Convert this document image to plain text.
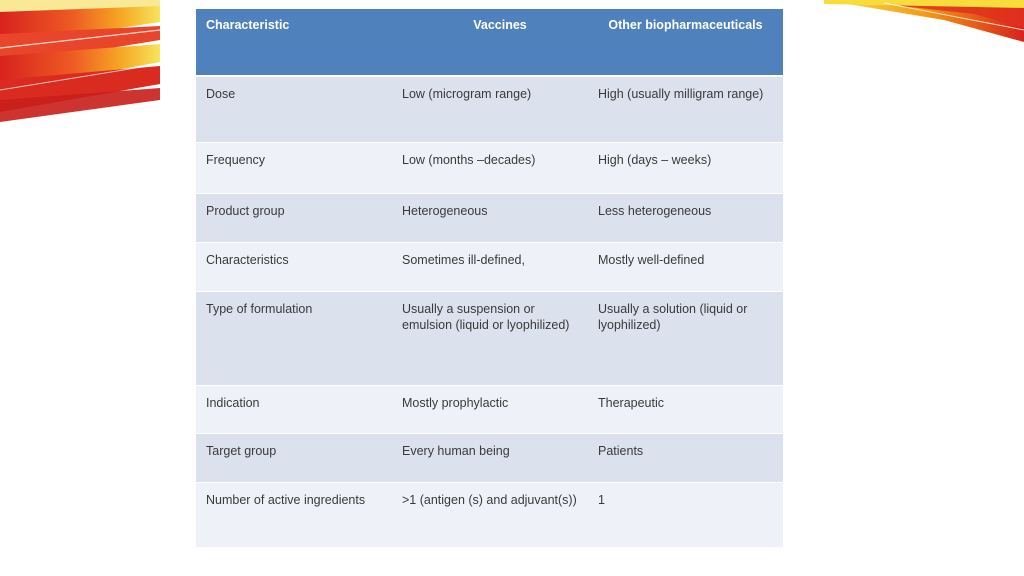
Characteristic	Vaccines	Other biopharmaceuticals
Dose	Low (microgram range)	High (usually milligram range)
Frequency	Low (months –decades)	High (days – weeks)
Product group	Heterogeneous	Less heterogeneous
Characteristics	Sometimes ill-defined,	Mostly well-defined
Type of formulation	Usually a suspension or emulsion (liquid or lyophilized)	Usually a solution (liquid or lyophilized)
Indication	Mostly prophylactic	Therapeutic
Target group	Every human being	Patients
Number of active ingredients	>1 (antigen (s) and adjuvant(s))	1
